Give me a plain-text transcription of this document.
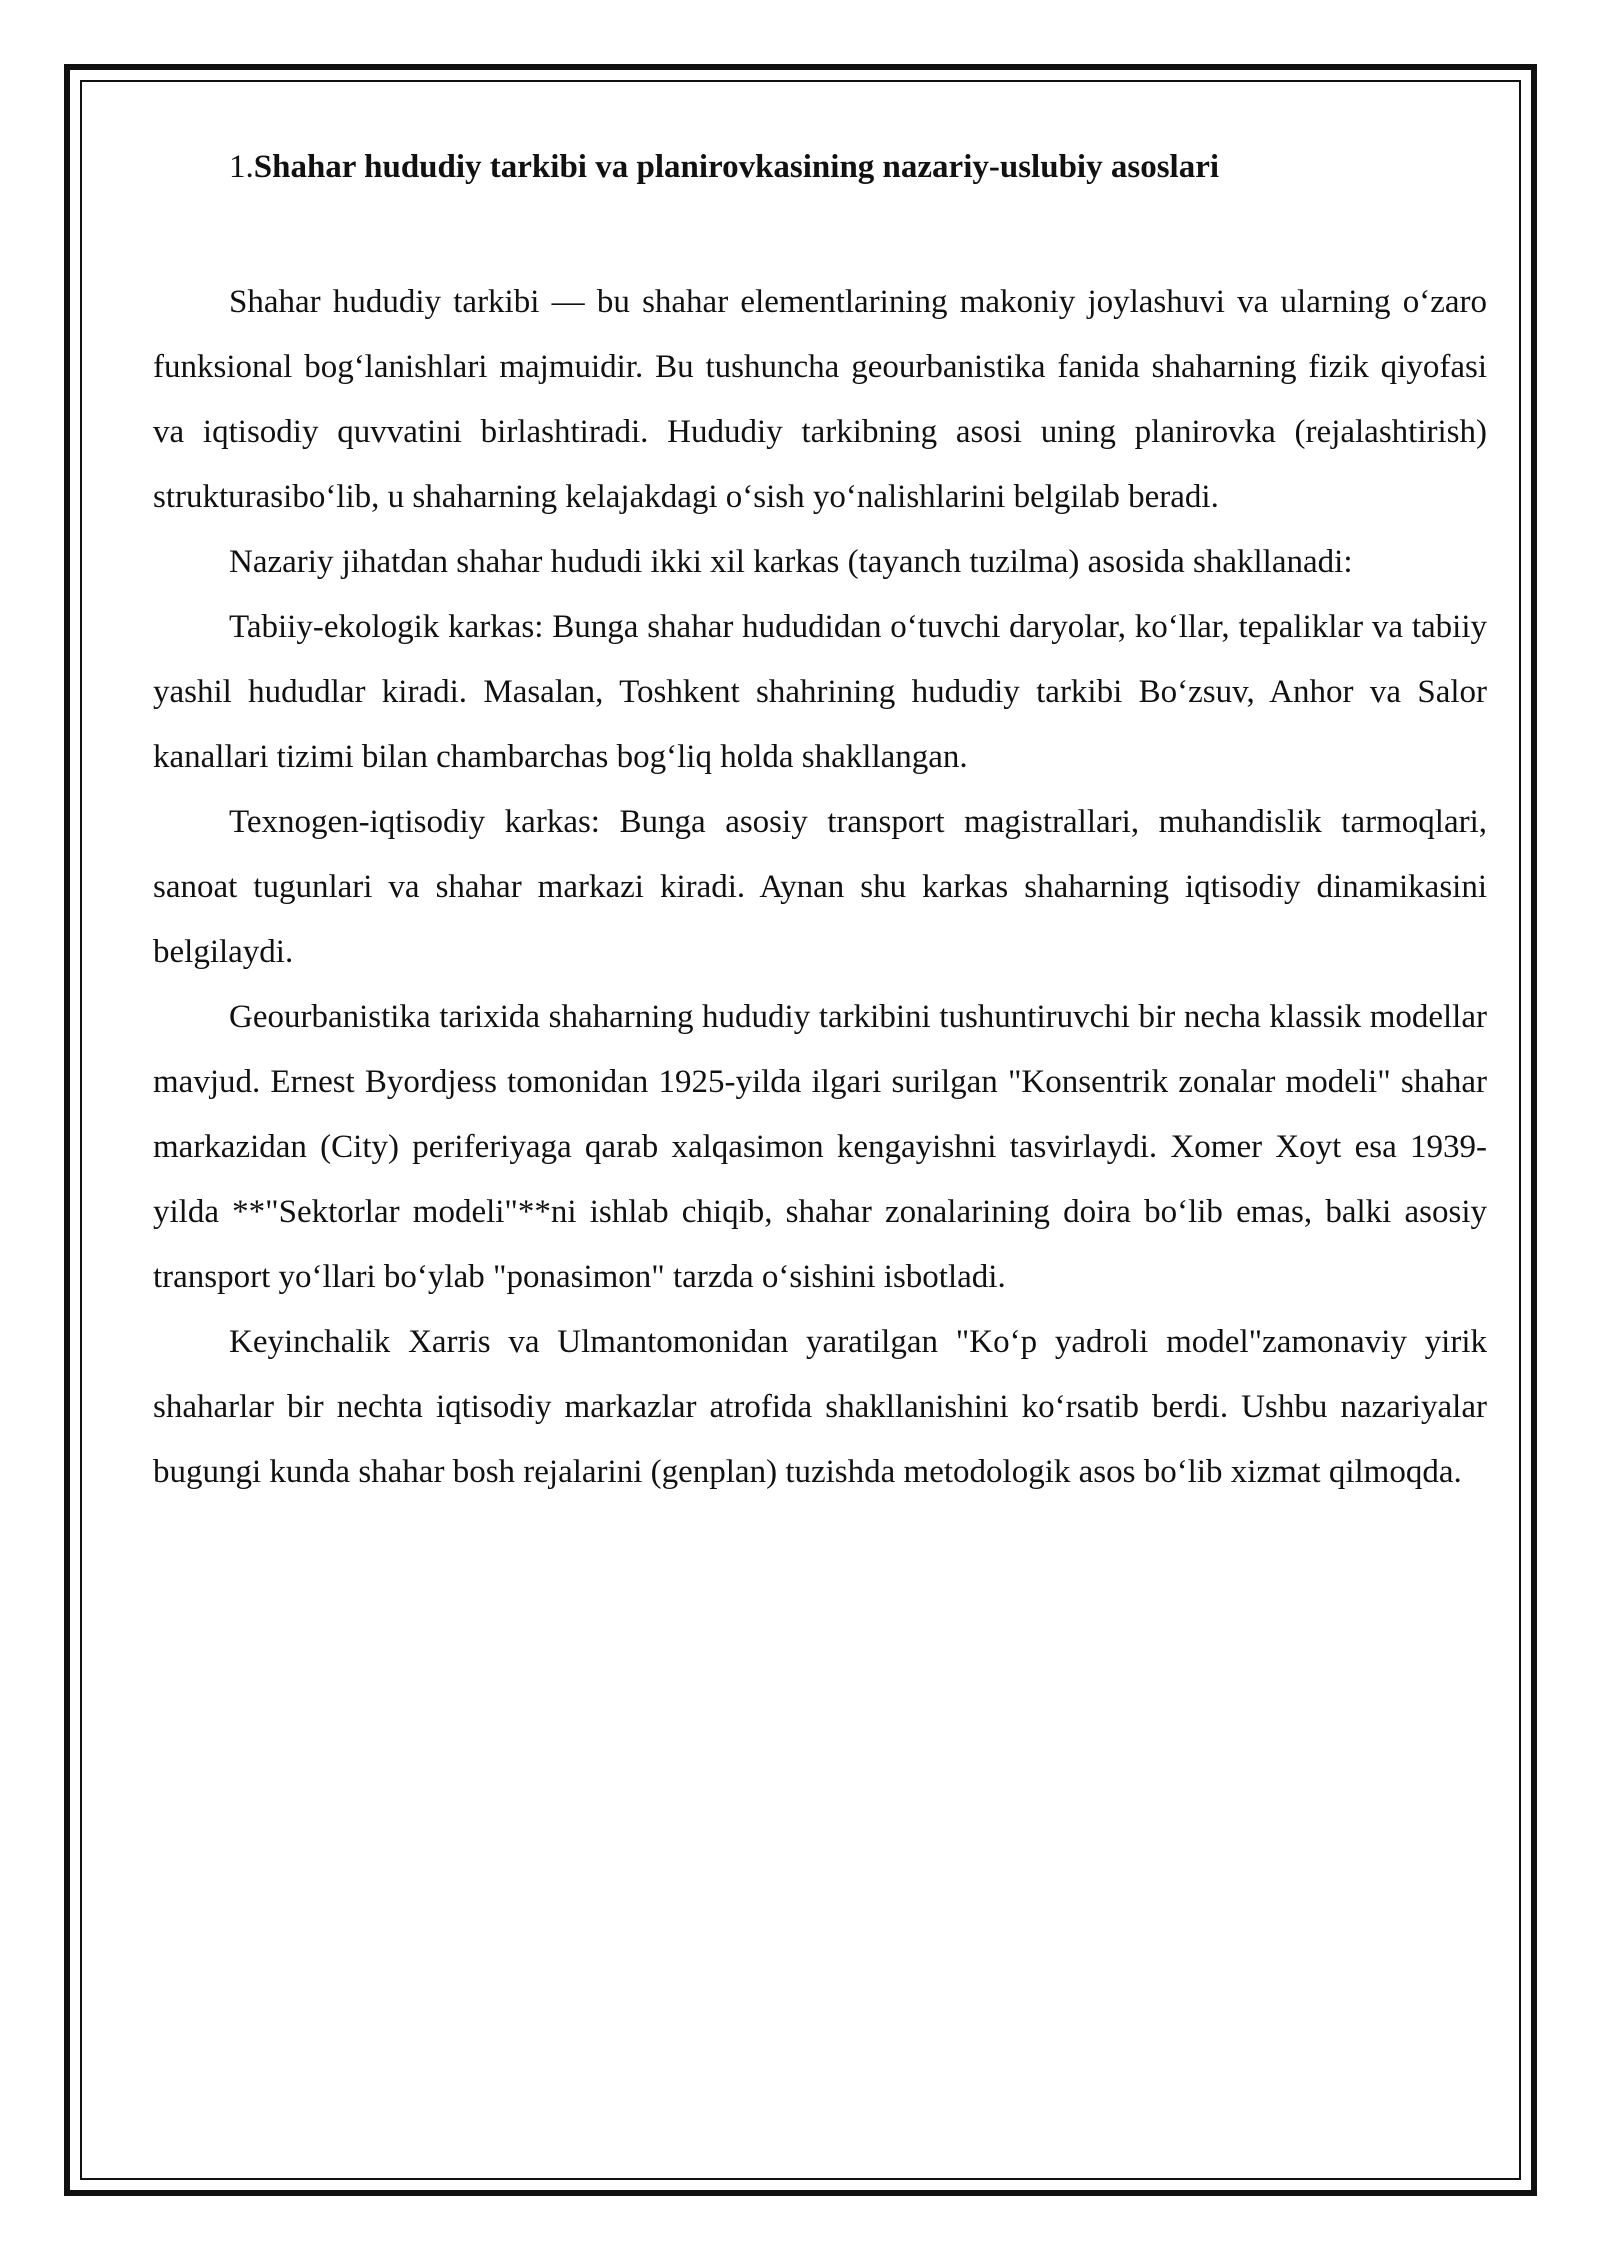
1.Shahar hududiy tarkibi va planirovkasining nazariy-uslubiy asoslari

Shahar hududiy tarkibi — bu shahar elementlarining makoniy joylashuvi va ularning o‘zaro funksional bog‘lanishlari majmuidir. Bu tushuncha geourbanistika fanida shaharning fizik qiyofasi va iqtisodiy quvvatini birlashtiradi. Hududiy tarkibning asosi uning planirovka (rejalashtirish) strukturasibo‘lib, u shaharning kelajakdagi o‘sish yo‘nalishlarini belgilab beradi.

Nazariy jihatdan shahar hududi ikki xil karkas (tayanch tuzilma) asosida shakllanadi:

Tabiiy-ekologik karkas: Bunga shahar hududidan o‘tuvchi daryolar, ko‘llar, tepaliklar va tabiiy yashil hududlar kiradi. Masalan, Toshkent shahrining hududiy tarkibi Bo‘zsuv, Anhor va Salor kanallari tizimi bilan chambarchas bog‘liq holda shakllangan.

Texnogen-iqtisodiy karkas: Bunga asosiy transport magistrallari, muhandislik tarmoqlari, sanoat tugunlari va shahar markazi kiradi. Aynan shu karkas shaharning iqtisodiy dinamikasini belgilaydi.

Geourbanistika tarixida shaharning hududiy tarkibini tushuntiruvchi bir necha klassik modellar mavjud. Ernest Byordjess tomonidan 1925-yilda ilgari surilgan "Konsentrik zonalar modeli" shahar markazidan (City) periferiyaga qarab xalqasimon kengayishni tasvirlaydi. Xomer Xoyt esa 1939-yilda **"Sektorlar modeli"**ni ishlab chiqib, shahar zonalarining doira bo‘lib emas, balki asosiy transport yo‘llari bo‘ylab "ponasimon" tarzda o‘sishini isbotladi.

Keyinchalik Xarris va Ulmantomonidan yaratilgan "Ko‘p yadroli model"zamonaviy yirik shaharlar bir nechta iqtisodiy markazlar atrofida shakllanishini ko‘rsatib berdi. Ushbu nazariyalar bugungi kunda shahar bosh rejalarini (genplan) tuzishda metodologik asos bo‘lib xizmat qilmoqda.
